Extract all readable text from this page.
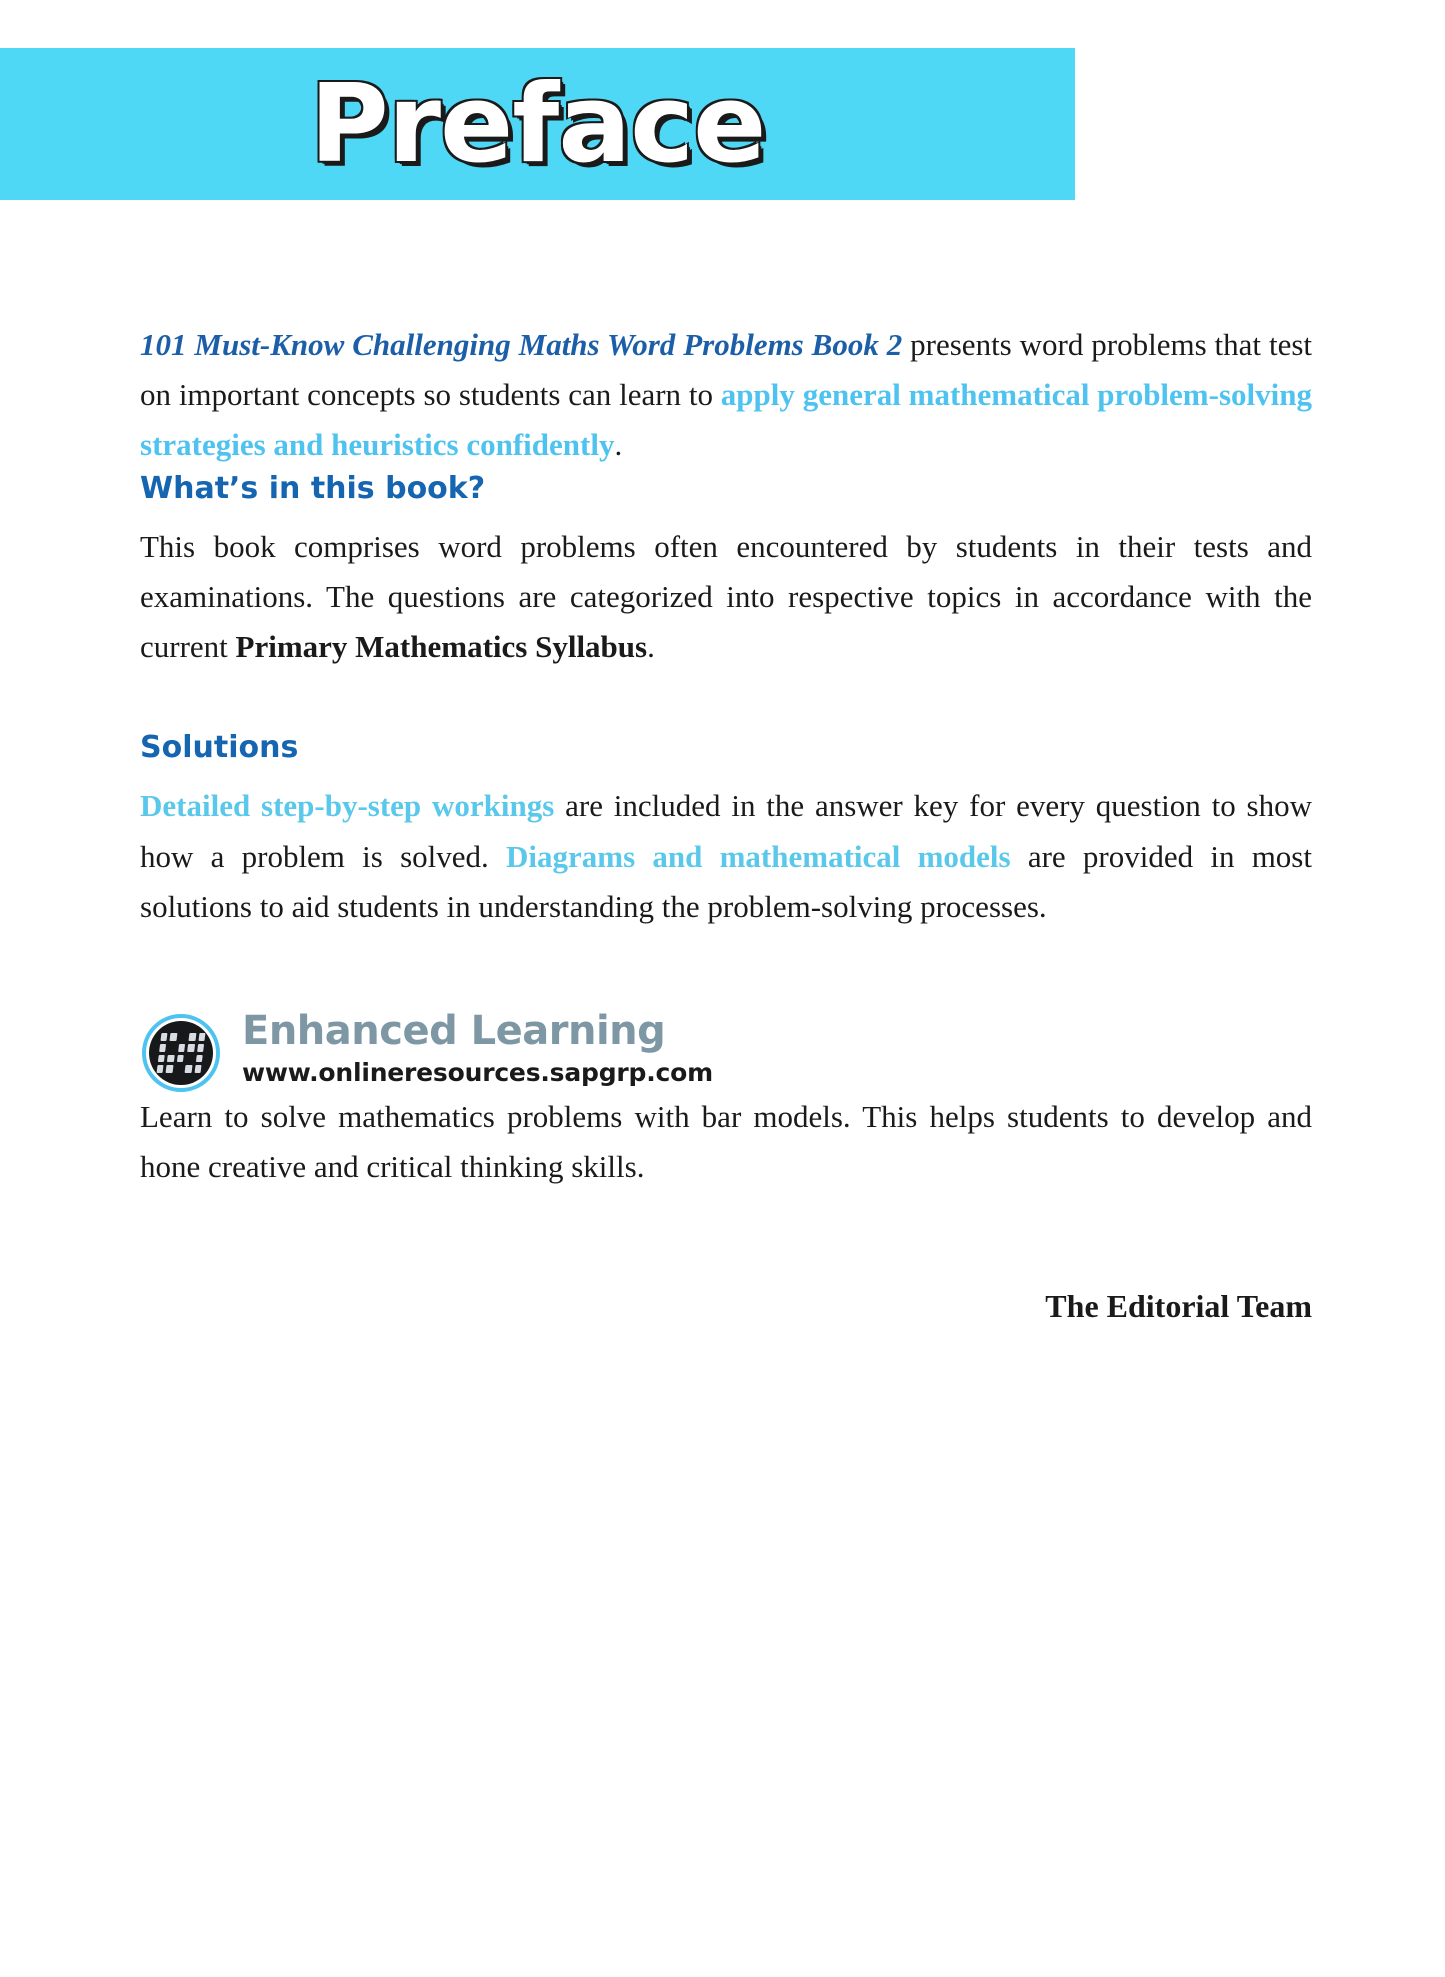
Preface

101 Must-Know Challenging Maths Word Problems Book 2 presents word problems that test on important concepts so students can learn to apply general mathematical problem-solving strategies and heuristics confidently.

What’s in this book?

This book comprises word problems often encountered by students in their tests and examinations. The questions are categorized into respective topics in accordance with the current Primary Mathematics Syllabus.

Solutions

Detailed step-by-step workings are included in the answer key for every question to show how a problem is solved. Diagrams and mathematical models are provided in most solutions to aid students in understanding the problem-solving processes.

Enhanced Learning
www.onlineresources.sapgrp.com

Learn to solve mathematics problems with bar models. This helps students to develop and hone creative and critical thinking skills.

The Editorial Team
